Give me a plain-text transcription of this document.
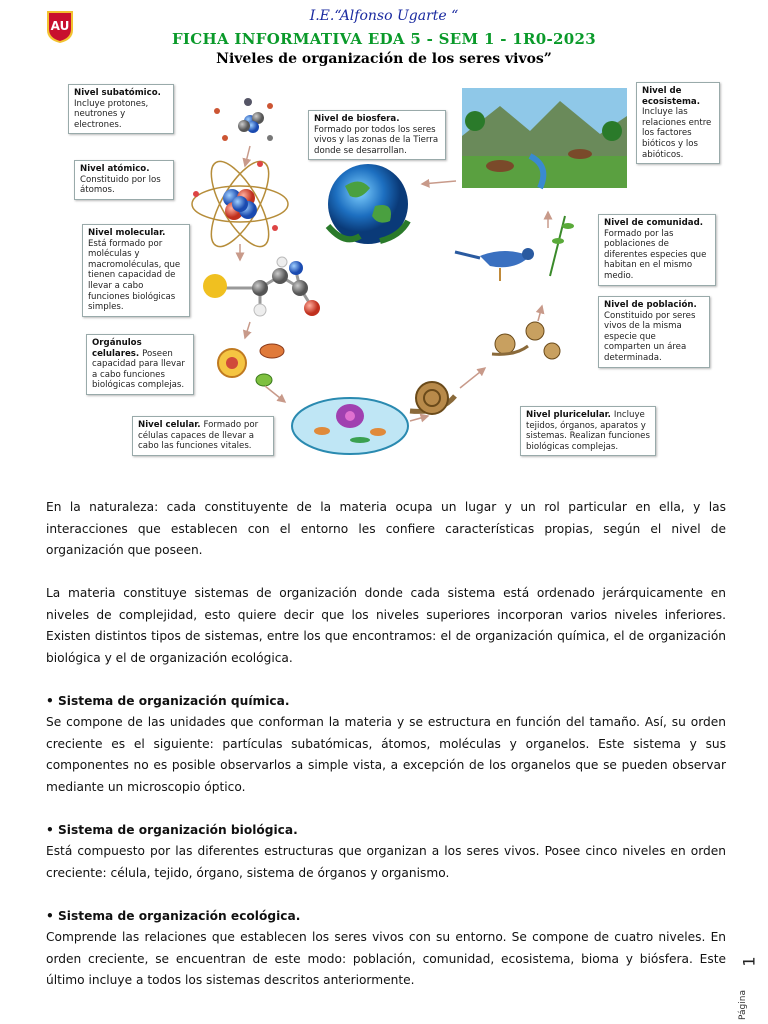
AU
I.E.“Alfonso Ugarte “
FICHA INFORMATIVA EDA 5 - SEM 1 - 1R0-2023
Niveles de organización de los seres vivos”
Nivel subatómico. Incluye protones, neutrones y electrones.
Nivel atómico. Constituido por los átomos.
Nivel molecular. Está formado por moléculas y macromoléculas, que tienen capacidad de llevar a cabo funciones biológicas simples.
Orgánulos celulares. Poseen capacidad para llevar a cabo funciones biológicas complejas.
Nivel celular. Formado por células capaces de llevar a cabo las funciones vitales.
Nivel pluricelular. Incluye tejidos, órganos, aparatos y sistemas. Realizan funciones biológicas complejas.
Nivel de población. Constituido por seres vivos de la misma especie que comparten un área determinada.
Nivel de comunidad. Formado por las poblaciones de diferentes especies que habitan en el mismo medio.
Nivel de ecosistema. Incluye las relaciones entre los factores bióticos y los abióticos.
Nivel de biosfera. Formado por todos los seres vivos y las zonas de la Tierra donde se desarrollan.

En la naturaleza: cada constituyente de la materia ocupa un lugar y un rol particular en ella, y las interacciones que establecen con el entorno les confiere características propias, según el nivel de organización que poseen.

La materia constituye sistemas de organización donde cada sistema está ordenado jerárquicamente en niveles de complejidad, esto quiere decir que los niveles superiores incorporan varios niveles inferiores. Existen distintos tipos de sistemas, entre los que encontramos: el de organización química, el de organización biológica y el de organización ecológica.

• Sistema de organización química.
Se compone de las unidades que conforman la materia y se estructura en función del tamaño. Así, su orden creciente es el siguiente: partículas subatómicas, átomos, moléculas y organelos. Este sistema y sus componentes no es posible observarlos a simple vista, a excepción de los organelos que se pueden observar mediante un microscopio óptico.

• Sistema de organización biológica.
Está compuesto por las diferentes estructuras que organizan a los seres vivos. Posee cinco niveles en orden creciente: célula, tejido, órgano, sistema de órganos y organismo.

• Sistema de organización ecológica.
Comprende las relaciones que establecen los seres vivos con su entorno. Se compone de cuatro niveles. En orden creciente, se encuentran de este modo: población, comunidad, ecosistema, bioma y biósfera. Este último incluye a todos los sistemas descritos anteriormente.

1
Página
